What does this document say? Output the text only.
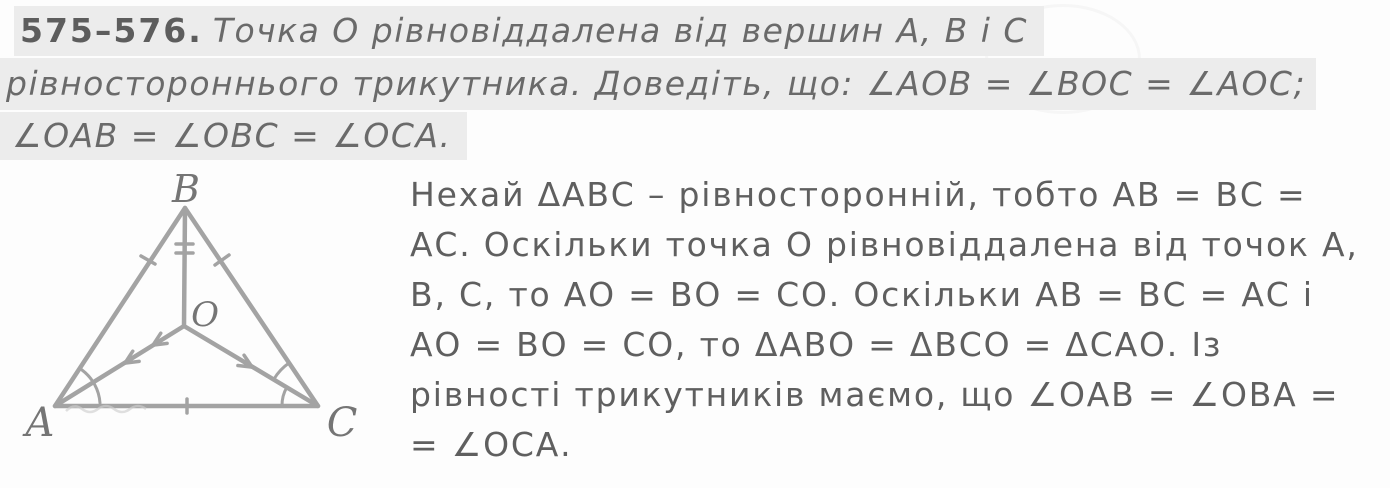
575–576. Точка О рівновіддалена від вершин А, В і С
рівностороннього трикутника. Доведіть, що: ∠АОВ = ∠ВОС = ∠АОС;
∠ОАВ = ∠ОВС = ∠ОСА.
B
A	C
O
Нехай ΔАВС – рівносторонній, тобто АВ = ВС =
АС. Оскільки точка О рівновіддалена від точок А,
В, С, то АО = ВО = СО. Оскільки АВ = ВС = АС і
АО = ВО = СО, то ΔАВО = ΔВСО = ΔСАО. Із
рівності трикутників маємо, що ∠ОАВ = ∠ОВА =
= ∠ОСА.
